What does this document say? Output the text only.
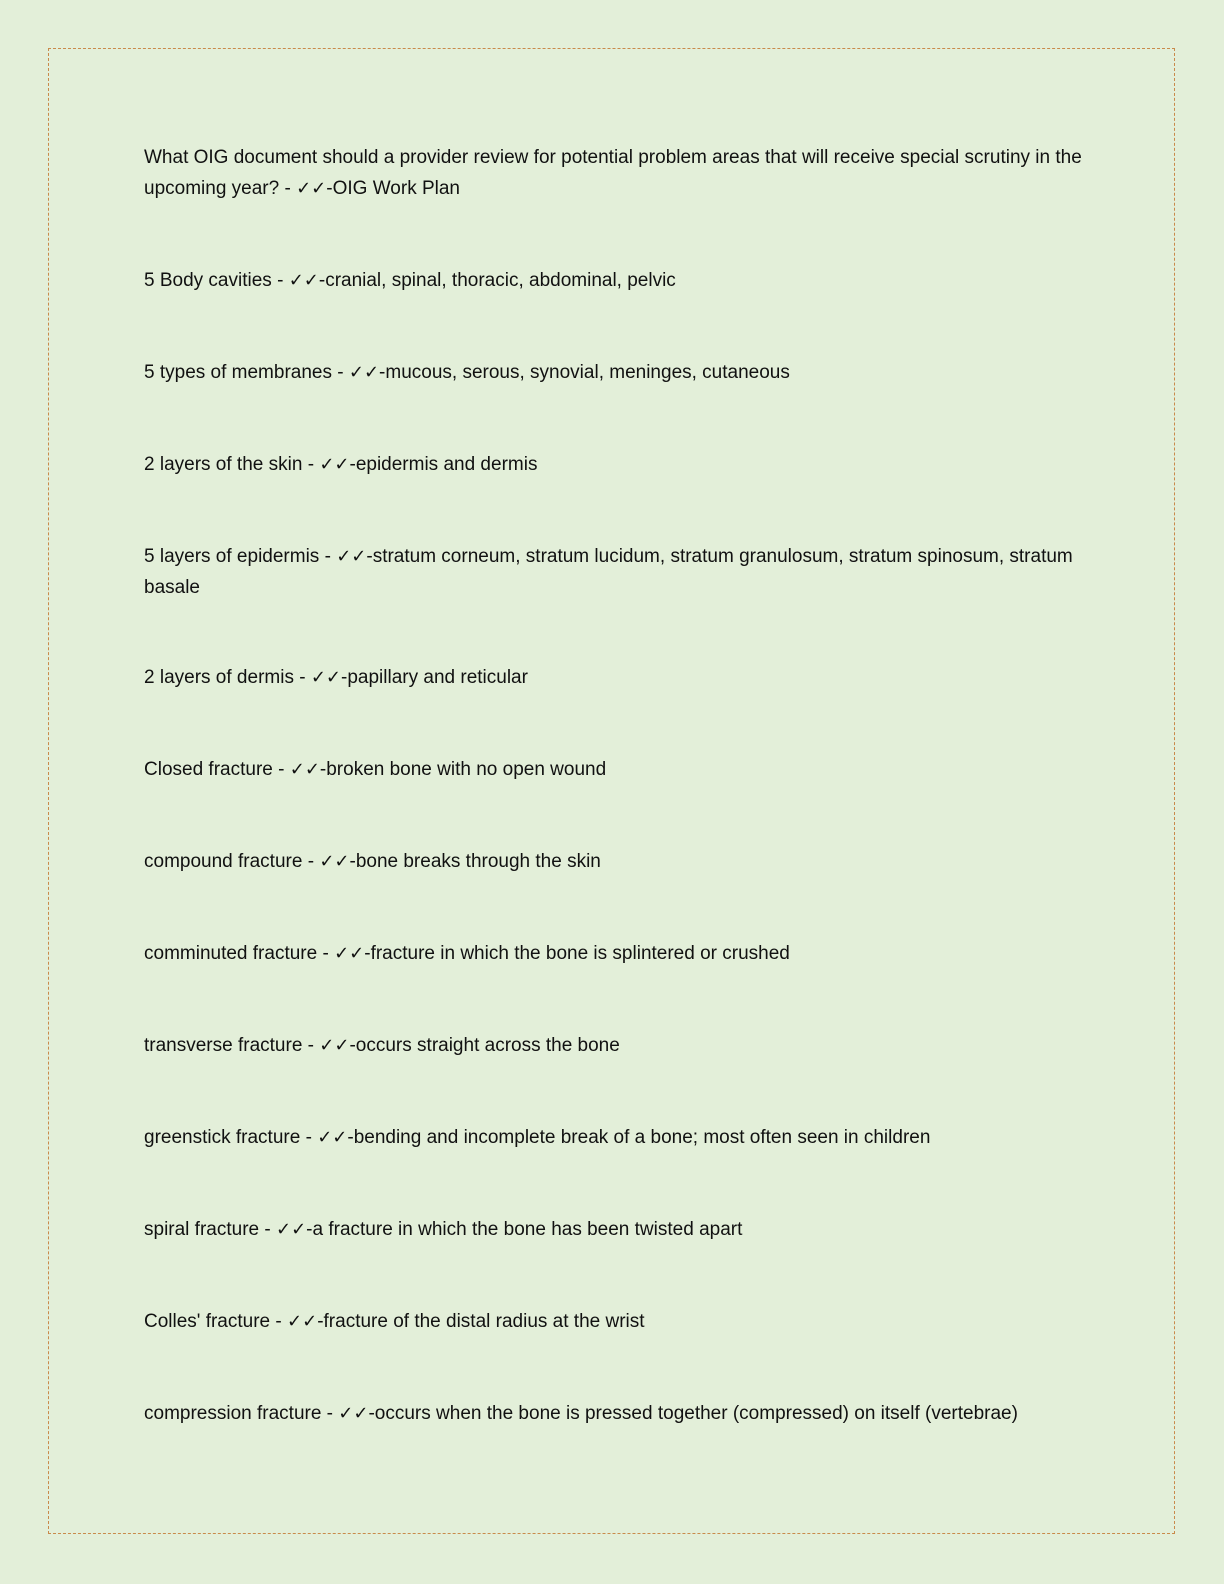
What OIG document should a provider review for potential problem areas that will receive special scrutiny in the upcoming year? - ✓✓-OIG Work Plan
5 Body cavities - ✓✓-cranial, spinal, thoracic, abdominal, pelvic
5 types of membranes - ✓✓-mucous, serous, synovial, meninges, cutaneous
2 layers of the skin - ✓✓-epidermis and dermis
5 layers of epidermis - ✓✓-stratum corneum, stratum lucidum, stratum granulosum, stratum spinosum, stratum basale
2 layers of dermis - ✓✓-papillary and reticular
Closed fracture - ✓✓-broken bone with no open wound
compound fracture - ✓✓-bone breaks through the skin
comminuted fracture - ✓✓-fracture in which the bone is splintered or crushed
transverse fracture - ✓✓-occurs straight across the bone
greenstick fracture - ✓✓-bending and incomplete break of a bone; most often seen in children
spiral fracture - ✓✓-a fracture in which the bone has been twisted apart
Colles' fracture - ✓✓-fracture of the distal radius at the wrist
compression fracture - ✓✓-occurs when the bone is pressed together (compressed) on itself (vertebrae)
